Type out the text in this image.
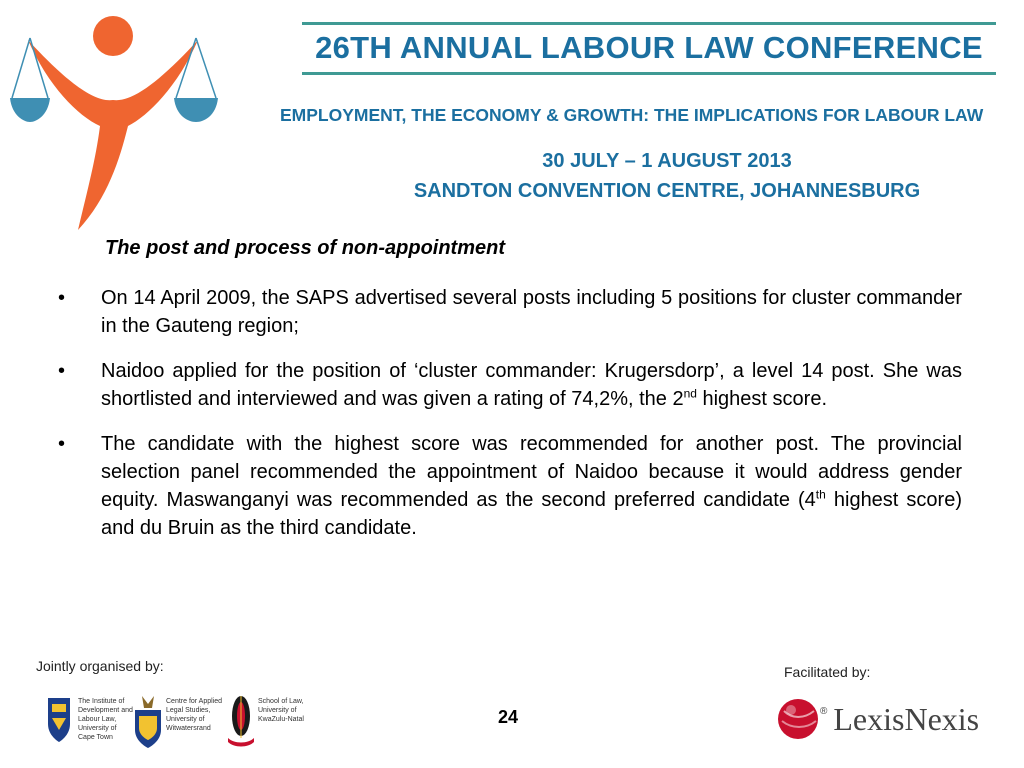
26TH ANNUAL LABOUR LAW CONFERENCE
EMPLOYMENT, THE ECONOMY & GROWTH: THE IMPLICATIONS FOR LABOUR LAW
30 JULY – 1 AUGUST 2013
SANDTON CONVENTION CENTRE, JOHANNESBURG
The post and process of non-appointment
•	On 14 April 2009, the SAPS advertised several posts including 5 positions for cluster commander in the Gauteng region;
•	Naidoo applied for the position of ‘cluster commander: Krugersdorp’, a level 14 post. She was shortlisted and interviewed and was given a rating of 74,2%, the 2nd highest score.
•	The candidate with the highest score was recommended for another post. The provincial selection panel recommended the appointment of Naidoo because it would address gender equity. Maswanganyi was recommended as the second preferred candidate (4th highest score) and du Bruin as the third candidate.
Jointly organised by:
The Institute of
Development and
Labour Law,
University of
Cape Town
Centre for Applied
Legal Studies,
University of
Witwatersrand
School of Law,
University of
KwaZulu-Natal	24
Facilitated by:
® LexisNexis
